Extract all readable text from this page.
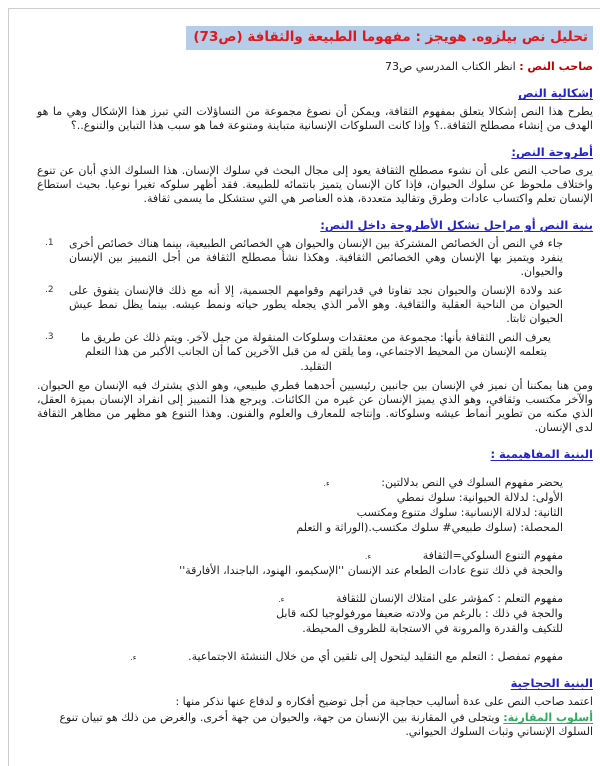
تحليل نص بيلزوه. هويجز : مفهوما الطبيعة والثقافة (ص73)

صاحب النص : انظر الكتاب المدرسي ص73

إشكالية النص

يطرح هذا النص إشكالا يتعلق بمفهوم الثقافة، ويمكن أن نصوغ مجموعة من التساؤلات التي تبرز هذا الإشكال وهي ما هو الهدف من إنشاء مصطلح الثقافة..؟ وإذا كانت السلوكات الإنسانية متباينة ومتنوعة فما هو سبب هذا التباين والتنوع..؟

أطروحة النص:

يرى صاحب النص على أن نشوء مصطلح الثقافة يعود إلى مجال البحث في سلوك الإنسان. هذا السلوك الذي أبان عن تنوع واختلاف ملحوظ عن سلوك الحيوان، فإذا كان الإنسان يتميز بانتمائه للطبيعة. فقد أظهر سلوكه تغيرا نوعيا. بحيث استطاع الإنسان تعلم واكتساب عادات وطرق وتقاليد متعددة، هذه العناصر هي التي ستشكل ما يسمى ثقافة.

بنية النص أو مراحل تشكل الأطروحة داخل النص:
1. جاء في النص أن الخصائص المشتركة بين الإنسان والحيوان هي الخصائص الطبيعية، بينما هناك خصائص أخرى ينفرد ويتميز بها الإنسان وهي الخصائص الثقافية. وهكذا نشأ مصطلح الثقافة من أجل التمييز بين الإنسان والحيوان.
2. عند ولادة الإنسان والحيوان نجد تفاوتا في قدراتهم وقوامهم الجسمية، إلا أنه مع ذلك فالإنسان يتفوق على الحيوان من الناحية العقلية والثقافية. وهو الأمر الذي يجعله يطور حياته ونمط عيشه. بينما يظل نمط عيش الحيوان ثابتا.
3. يعرف النص الثقافة بأنها: مجموعة من معتقدات وسلوكات المنقولة من جيل لآخر. ويتم ذلك عن طريق ما يتعلمه الإنسان من المحيط الاجتماعي، وما يلقن له من قبل الآخرين كما أن الجانب الأكبر من هذا التعلم التقليد.

ومن هنا يمكننا أن نميز في الإنسان بين جانبين رئيسيين أحدهما فطري طبيعي، وهو الذي يشترك فيه الإنسان مع الحيوان. والآخر مكتسب وثقافي، وهو الذي يميز الإنسان عن غيره من الكائنات. ويرجع هذا التمييز إلى انفراد الإنسان بميزة العقل، الذي مكنه من تطوير أنماط عيشه وسلوكاته. وإنتاجه للمعارف والعلوم والفنون. وهذا التنوع هو مظهر من مظاهر الثقافة لدى الإنسان.

البنية المفاهيمية :
يحضر مفهوم السلوك في النص بدلالتين: ء.
الأولى: لدلالة الحيوانية: سلوك نمطي
الثانية: لدلالة الإنسانية: سلوك متنوع ومكتسب
المحصلة: (سلوك طبيعي# سلوك مكتسب.(الوراثة و التعلم
مفهوم التنوع السلوكي=الثقافة ء.
والحجة في ذلك تنوع عادات الطعام عند الإنسان ''الإسكيمو، الهنود، الباجندا، الأفارقة''
مفهوم التعلم : كمؤشر على امتلاك الإنسان للثقافة ء.
والحجة في ذلك : بالرغم من ولادته ضعيفا مورفولوجيا لكنه قابل
للتكيف والقدرة والمرونة في الاستجابة للظروف المحيطة.
مفهوم تمفصل : التعلم مع التقليد ليتحول إلى تلقين أي من خلال التنشئة الاجتماعية. ء.
البنية الحجاجية

اعتمد صاحب النص على عدة أساليب حجاجية من أجل توضيح أفكاره و لدفاع عنها نذكر منها :

أسلوب المقارنة: ويتجلى في المقارنة بين الإنسان من جهة، والحيوان من جهة أخرى. والغرض من ذلك هو تبيان تنوع السلوك الإنساني وثبات السلوك الحيواني.
